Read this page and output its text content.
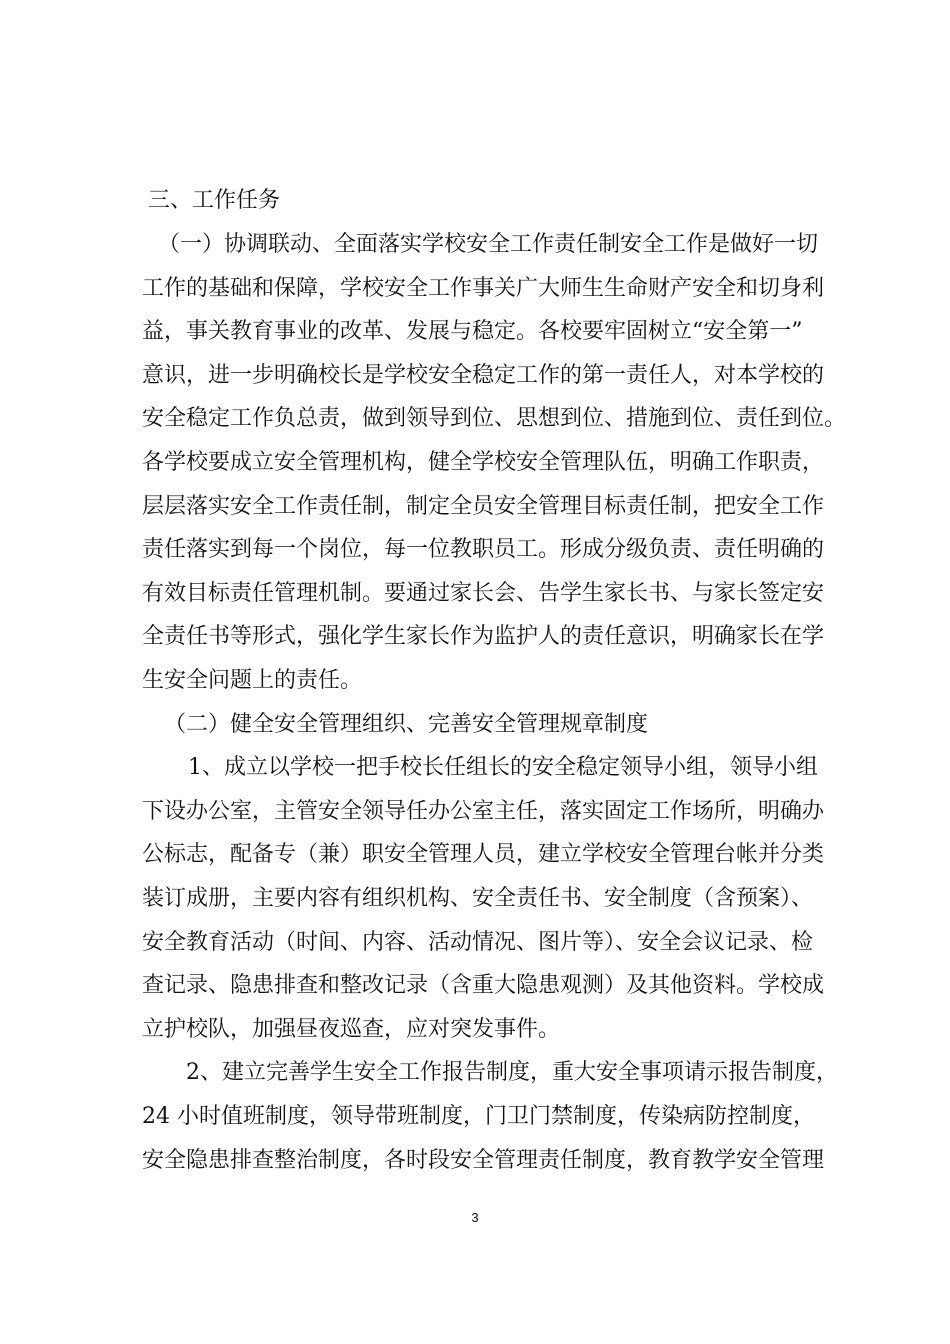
三、工作任务
（一）协调联动、全面落实学校安全工作责任制安全工作是做好一切
工作的基础和保障，学校安全工作事关广大师生生命财产安全和切身利
益，事关教育事业的改革、发展与稳定。各校要牢固树立“安全第一”
意识，进一步明确校长是学校安全稳定工作的第一责任人，对本学校的
安全稳定工作负总责，做到领导到位、思想到位、措施到位、责任到位。
各学校要成立安全管理机构，健全学校安全管理队伍，明确工作职责，
层层落实安全工作责任制，制定全员安全管理目标责任制，把安全工作
责任落实到每一个岗位，每一位教职员工。形成分级负责、责任明确的
有效目标责任管理机制。要通过家长会、告学生家长书、与家长签定安
全责任书等形式，强化学生家长作为监护人的责任意识，明确家长在学
生安全问题上的责任。
（二）健全安全管理组织、完善安全管理规章制度
1、成立以学校一把手校长任组长的安全稳定领导小组，领导小组
下设办公室，主管安全领导任办公室主任，落实固定工作场所，明确办
公标志，配备专（兼）职安全管理人员，建立学校安全管理台帐并分类
装订成册，主要内容有组织机构、安全责任书、安全制度（含预案）、
安全教育活动（时间、内容、活动情况、图片等）、安全会议记录、检
查记录、隐患排查和整改记录（含重大隐患观测）及其他资料。学校成
立护校队，加强昼夜巡查，应对突发事件。
2、建立完善学生安全工作报告制度，重大安全事项请示报告制度，
24 小时值班制度，领导带班制度，门卫门禁制度，传染病防控制度，
安全隐患排查整治制度，各时段安全管理责任制度，教育教学安全管理
3
